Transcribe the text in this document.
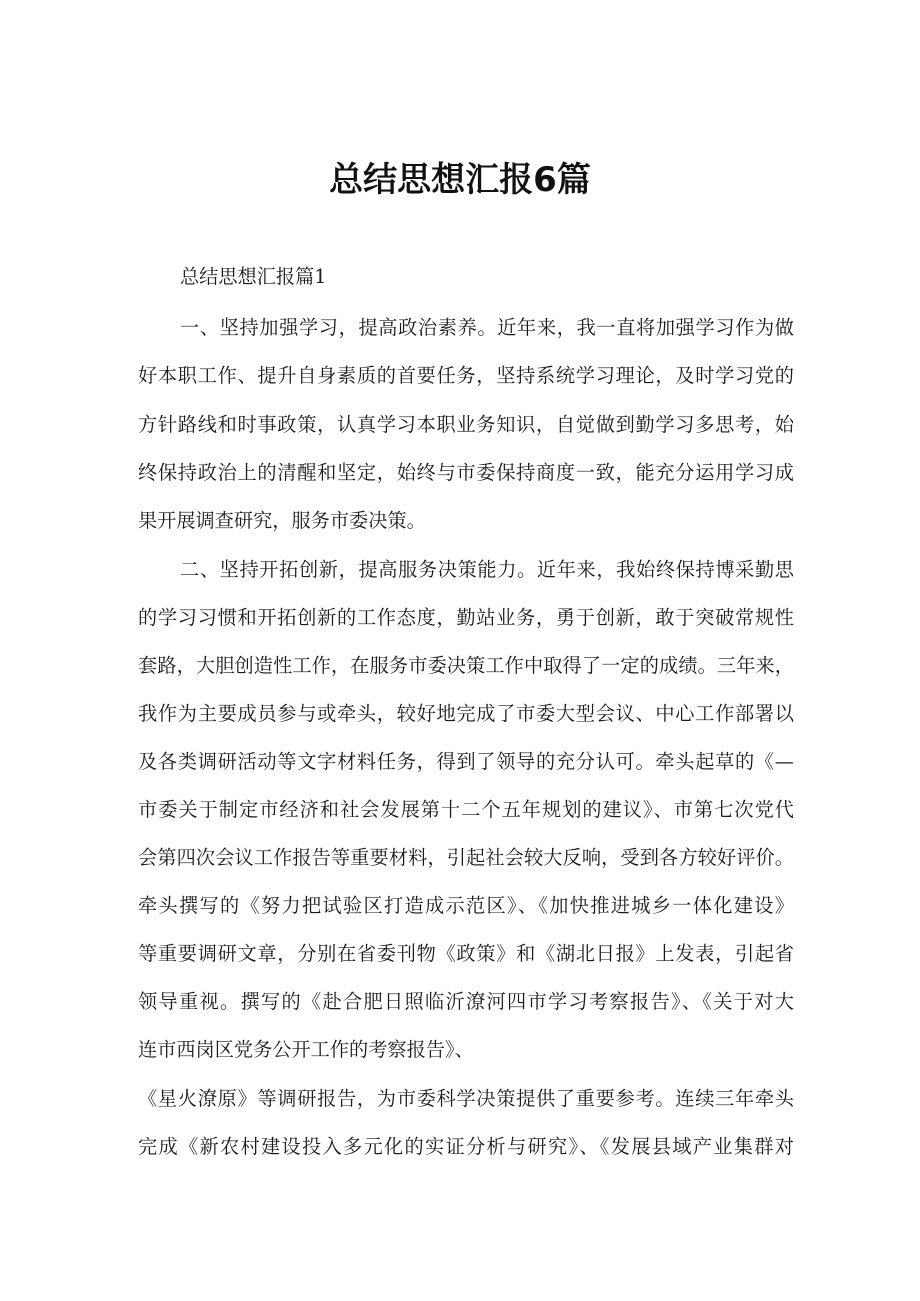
总结思想汇报6篇
总结思想汇报篇1
一、坚持加强学习，提高政治素养。近年来，我一直将加强学习作为做
好本职工作、提升自身素质的首要任务，坚持系统学习理论，及时学习党的
方针路线和时事政策，认真学习本职业务知识，自觉做到勤学习多思考，始
终保持政治上的清醒和坚定，始终与市委保持商度一致，能充分运用学习成
果开展调查研究，服务市委决策。
二、坚持开拓创新，提高服务决策能力。近年来，我始终保持博采勤思
的学习习惯和开拓创新的工作态度，勤站业务，勇于创新，敢于突破常规性
套路，大胆创造性工作，在服务市委决策工作中取得了一定的成绩。三年来，
我作为主要成员参与或牵头，较好地完成了市委大型会议、中心工作部署以
及各类调研活动等文字材料任务，得到了领导的充分认可。牵头起草的《—
市委关于制定市经济和社会发展第十二个五年规划的建议》、市第七次党代
会第四次会议工作报告等重要材料，引起社会较大反响，受到各方较好评价。
牵头撰写的《努力把试验区打造成示范区》、《加快推进城乡一体化建设》
等重要调研文章，分别在省委刊物《政策》和《湖北日报》上发表，引起省
领导重视。撰写的《赴合肥日照临沂潦河四市学习考察报告》、《关于对大
连市西岗区党务公开工作的考察报告》、
《星火潦原》等调研报告，为市委科学决策提供了重要参考。连续三年牵头
完成《新农村建设投入多元化的实证分析与研究》、《发展县域产业集群对
